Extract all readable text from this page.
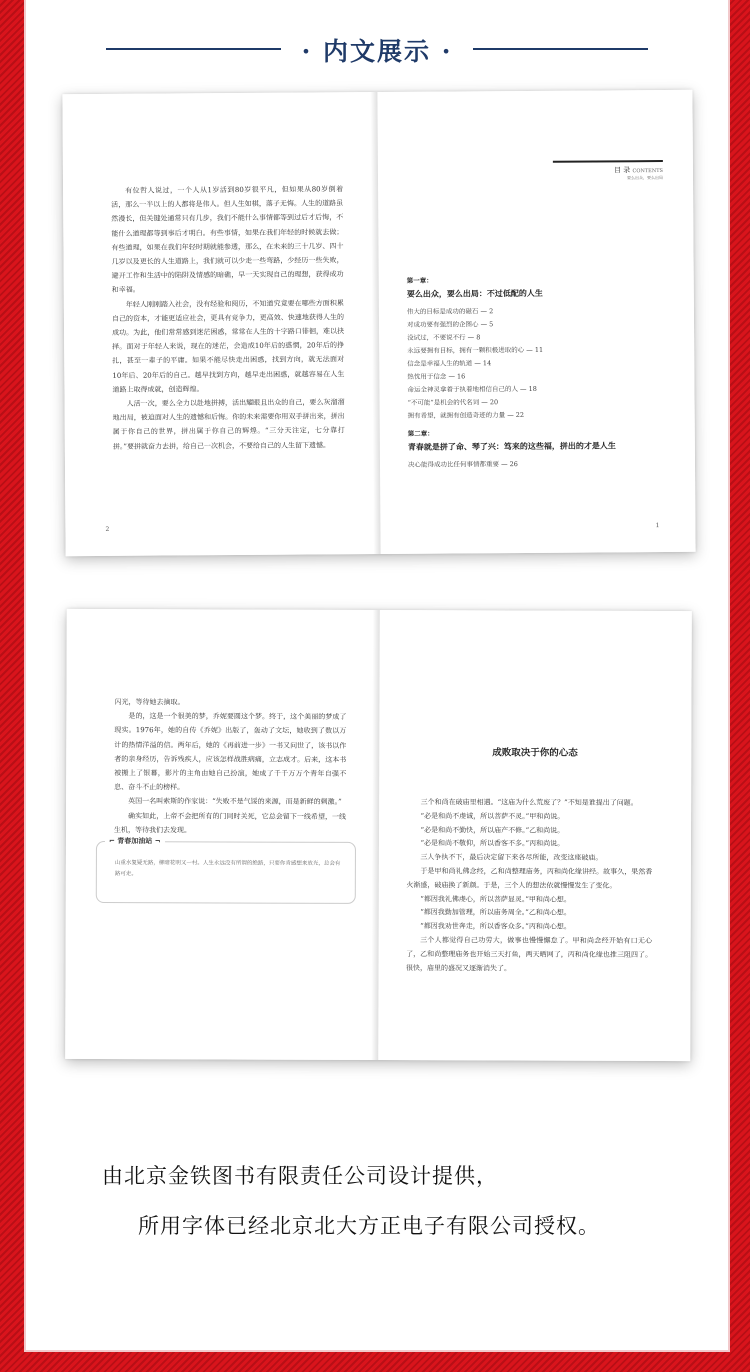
· 内文展示 ·

有位哲人说过，一个人从1岁活到80岁很平凡，但如果从80岁倒着活，那么一半以上的人都将是伟人。但人生如棋，落子无悔。人生的道路虽然漫长，但关键处通常只有几步，我们不能什么事情都等到过后才后悔，不能什么道理都等到事后才明白。有些事情，如果在我们年轻的时候就去做；有些道理，如果在我们年轻时期就能参透，那么，在未来的三十几岁、四十几岁以及更长的人生道路上，我们就可以少走一些弯路，少经历一些失败，避开工作和生活中的陷阱及情感的暗礁，早一天实现自己的理想，获得成功和幸福。

年轻人刚刚踏入社会，没有经验和阅历，不知道究竟要在哪些方面积累自己的资本，才能更适应社会，更具有竞争力，更高效、快速地获得人生的成功。为此，他们常常感到迷茫困惑，常常在人生的十字路口徘徊，难以抉择。面对于年轻人来说，现在的迷茫，会造成10年后的惑惘，20年后的挣扎，甚至一辈子的平庸。如果不能尽快走出困惑，找到方向，就无法面对10年后、20年后的自己。越早找到方向，越早走出困惑，就越容易在人生道路上取得成就，创造辉煌。

人活一次，要么全力以赴地拼搏，活出耀眼且出众的自己，要么灰溜溜地出局，被迫面对人生的遗憾和后悔。你的未来需要你用双手拼出来，拼出属于你自己的世界，拼出属于你自己的辉煌。“三分天注定，七分靠打拼。”要拼就奋力去拼，给自己一次机会，不要给自己的人生留下遗憾。

2
目 录 CONTENTS
要么出众，要么出局
第一章：
要么出众，要么出局：不过低配的人生
伟大的目标是成功的磁石 — 2
对成功要有强烈的企图心 — 5
没试过，不要说不行 — 8
永远要拥有目标，拥有一颗积极进取的心 — 11
信念是幸福人生的轨道 — 14
热忱用于信念 — 16
命运全神灵拿着于执着地相信自己的人 — 18
“不可能”是机会的代名词 — 20
拥有希望，就拥有创造奇迹的力量 — 22
第二章：
青春就是拼了命、琴了兴：笃来的这些福，拼出的才是人生
决心能得成功比任何事情都重要 — 26
1

闪光，等待她去摘取。

是的，这是一个很美的梦，乔妮要圆这个梦。终于，这个美丽的梦成了现实。1976年，她的自传《乔妮》出版了，轰动了文坛，她收到了数以万计的热情洋溢的信。两年后，她的《再前进一步》一书又问世了，该书以作者的亲身经历，告诉残疾人，应该怎样战胜病痛，立志成才。后来，这本书被搬上了银幕，影片的主角由她自己扮演，她成了千千万万个青年自强不息、奋斗不止的榜样。

英国一名叫索斯的作家说：“失败不是气馁的来源，而是新鲜的刺激。”

确实如此，上帝不会把所有的门同时关死，它总会留下一线希望，一线生机，等待我们去发现。

⌐ 青春加油站 ¬
山重水复疑无路，柳暗花明又一村。人生永远没有所谓的绝路，只要你肯感想来放光，总会有路可走。
成败取决于你的心态

三个和尚在破庙里相遇。“这庙为什么荒废了？”不知是谁提出了问题。

“必是和尚不虔诚，所以菩萨不灵。”甲和尚说。

“必是和尚不勤快，所以庙产不修。”乙和尚说。

“必是和尚不敬仰，所以香客不多。”丙和尚说。

三人争执不下，最后决定留下来各尽所能，改变这座破庙。

于是甲和尚礼佛念经，乙和尚整理庙务，丙和尚化缘讲经。故事久，果然香火渐盛，破庙换了新颜。于是，三个人的想法依就慢慢发生了变化。

“都因我礼佛虔心，所以菩萨显灵。”甲和尚心想。

“都因我勤加管理，所以庙务周全。”乙和尚心想。

“都因我劝世奔走，所以香客众多。”丙和尚心想。

三个人都觉得自己功劳大，做事也慢慢懈怠了。甲和尚念经开始有口无心了，乙和尚整理庙务也开始三天打鱼，两天晒网了，丙和尚化缘也推三阻四了。很快，庙里的盛况又逐渐消失了。

由北京金铁图书有限责任公司设计提供，
所用字体已经北京北大方正电子有限公司授权。
